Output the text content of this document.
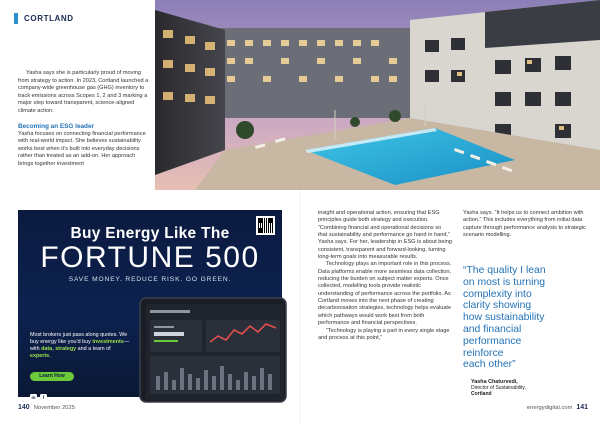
CORTLAND

Yasha says she is particularly proud of moving from strategy to action. In 2023, Cortland launched a company-wide greenhouse gas (GHG) inventory to track emissions across Scopes 1, 2 and 3 marking a major step toward transparent, science-aligned climate action.

Becoming an ESG leader

Yasha focuses on connecting financial performance with real-world impact. She believes sustainability works best when it’s built into everyday decisions rather than treated as an add-on. Her approach brings together investment

Buy Energy Like The
FORTUNE 500
SAVE MONEY. REDUCE RISK. GO GREEN.
Most brokers just pass along quotes. We buy energy like you’d buy investments—with data, strategy and a team of experts.
Learn How
in f

insight and operational action, ensuring that ESG principles guide both strategy and execution. “Combining financial and operational decisions so that sustainability and performance go hand in hand,” Yasha says. For her, leadership in ESG is about being consistent, transparent and forward-looking, turning long-term goals into measurable results.

Technology plays an important role in this process. Data platforms enable more seamless data collection, reducing the burden on subject matter experts. Once collected, modelling tools provide realistic understanding of performance across the portfolio. As Cortland moves into the next phase of creating decarbonisation strategies, technology helps evaluate which pathways would work best from both performance and financial perspectives.

“Technology is playing a part in every single stage and process at this point,”

Yasha says. “It helps us to connect ambition with action.” This includes everything from initial data capture through performance analysis to strategic scenario modelling.

“The quality I lean
on most is turning
complexity into
clarity showing
how sustainability
and financial
performance
reinforce
each other”
Yasha Chaturvedi,
Director of Sustainability,
Cortland
140 November 2025	energydigital.com 141
